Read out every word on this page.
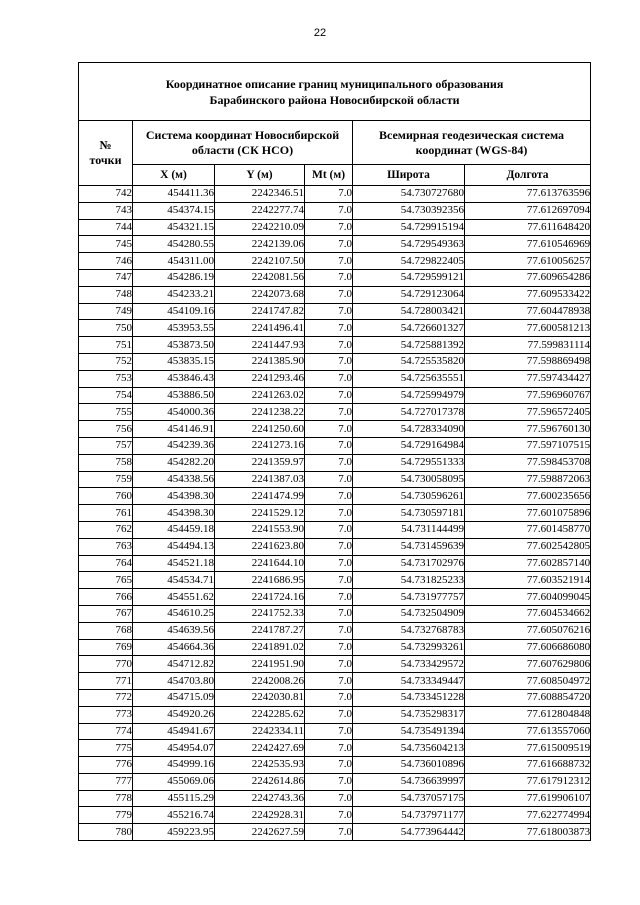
22
Координатное описание границ муниципального образования
Барабинского района Новосибирской области					

№
точки	Система координат Новосибирской области (СК НСО)			Всемирная геодезическая система координат (WGS-84)	
	X (м)	Y (м)	Mt (м)	Широта	Долгота
742	454411.36	2242346.51	7.0	54.730727680	77.613763596
743	454374.15	2242277.74	7.0	54.730392356	77.612697094
744	454321.15	2242210.09	7.0	54.729915194	77.611648420
745	454280.55	2242139.06	7.0	54.729549363	77.610546969
746	454311.00	2242107.50	7.0	54.729822405	77.610056257
747	454286.19	2242081.56	7.0	54.729599121	77.609654286
748	454233.21	2242073.68	7.0	54.729123064	77.609533422
749	454109.16	2241747.82	7.0	54.728003421	77.604478938
750	453953.55	2241496.41	7.0	54.726601327	77.600581213
751	453873.50	2241447.93	7.0	54.725881392	77.599831114
752	453835.15	2241385.90	7.0	54.725535820	77.598869498
753	453846.43	2241293.46	7.0	54.725635551	77.597434427
754	453886.50	2241263.02	7.0	54.725994979	77.596960767
755	454000.36	2241238.22	7.0	54.727017378	77.596572405
756	454146.91	2241250.60	7.0	54.728334090	77.596760130
757	454239.36	2241273.16	7.0	54.729164984	77.597107515
758	454282.20	2241359.97	7.0	54.729551333	77.598453708
759	454338.56	2241387.03	7.0	54.730058095	77.598872063
760	454398.30	2241474.99	7.0	54.730596261	77.600235656
761	454398.30	2241529.12	7.0	54.730597181	77.601075896
762	454459.18	2241553.90	7.0	54.731144499	77.601458770
763	454494.13	2241623.80	7.0	54.731459639	77.602542805
764	454521.18	2241644.10	7.0	54.731702976	77.602857140
765	454534.71	2241686.95	7.0	54.731825233	77.603521914
766	454551.62	2241724.16	7.0	54.731977757	77.604099045
767	454610.25	2241752.33	7.0	54.732504909	77.604534662
768	454639.56	2241787.27	7.0	54.732768783	77.605076216
769	454664.36	2241891.02	7.0	54.732993261	77.606686080
770	454712.82	2241951.90	7.0	54.733429572	77.607629806
771	454703.80	2242008.26	7.0	54.733349447	77.608504972
772	454715.09	2242030.81	7.0	54.733451228	77.608854720
773	454920.26	2242285.62	7.0	54.735298317	77.612804848
774	454941.67	2242334.11	7.0	54.735491394	77.613557060
775	454954.07	2242427.69	7.0	54.735604213	77.615009519
776	454999.16	2242535.93	7.0	54.736010896	77.616688732
777	455069.06	2242614.86	7.0	54.736639997	77.617912312
778	455115.29	2242743.36	7.0	54.737057175	77.619906107
779	455216.74	2242928.31	7.0	54.737971177	77.622774994
780	459223.95	2242627.59	7.0	54.773964442	77.618003873
